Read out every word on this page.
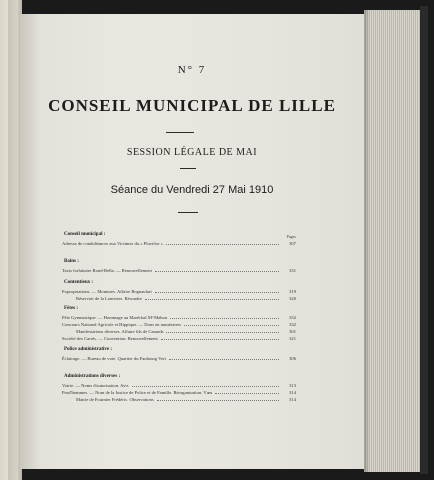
N° 7
CONSEIL MUNICIPAL DE LILLE
SESSION LÉGALE DE MAI
Séance du Vendredi 27 Mai 1910
Pages
Conseil municipal :
Adresse de condoléances aux Victimes du « Pluviôse »	307
Bains :
Taxis forfaitaire Rond-Bella. — Renouvellement	331
Contentieux :
Expropriations. — Montures. Affaire Bognaulart	319
Réservoir de la Lonteries. Résoudre	320
Fêtes :
Fête Gymnastique. — Hommage au Maréchal M^Mahon	332
Concours National Agricole et Hippique. — Dons en numéraires	332
Manifestations diverses. Affaire fils de Canards	301
Société des Carrés. — Convention. Renouvellement	321
Police administrative :
Éclairage. — Bureau de voie. Quartier du Faubourg Vert	306
Administrations diverses :
Voirie. — Noms d'autorisation. Avis	313
Prud'hommes. — Nom de la Justice de Police et de Famille. Réorganisation. Vœu	314
Mairie de Fournier Frédéric. Observations	314
